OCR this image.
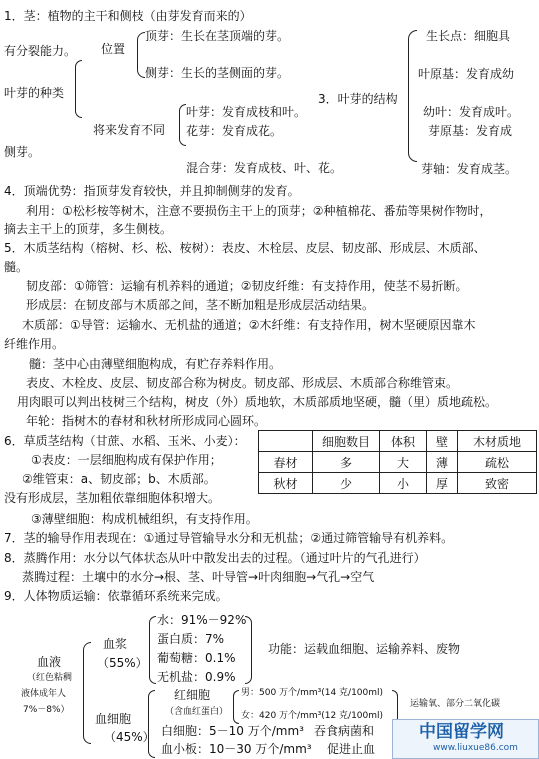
1．茎：植物的主干和侧枝（由芽发育而来的）
有分裂能力。 位置
顶芽：生长在茎顶端的芽。
侧芽：生长的茎侧面的芽。
叶芽的种类
将来发育不同
叶芽：发育成枝和叶。
花芽：发育成花。
混合芽：发育成枝、叶、花。
侧芽。
3．叶芽的结构
生长点：细胞具
叶原基：发育成幼
幼叶：发育成叶。
芽原基：发育成
芽轴：发育成茎。
4．顶端优势：指顶芽发育较快，并且抑制侧芽的发育。
利用：①松杉桉等树木，注意不要损伤主干上的顶芽；②种植棉花、番茄等果树作物时，
摘去主干上的顶芽，多生侧枝。
5．木质茎结构（榕树、杉、松、桉树）：表皮、木栓层、皮层、韧皮部、形成层、木质部、
髓。
韧皮部：①筛管：运输有机养料的通道；②韧皮纤维：有支持作用，使茎不易折断。
形成层：在韧皮部与木质部之间，茎不断加粗是形成层活动结果。
木质部：①导管：运输水、无机盐的通道；②木纤维：有支持作用，树木坚硬原因靠木
纤维作用。
髓：茎中心由薄壁细胞构成，有贮存养料作用。
表皮、木栓皮、皮层、韧皮部合称为树皮。韧皮部、形成层、木质部合称维管束。
用肉眼可以判出枝树三个结构，树皮（外）质地软，木质部质地坚硬，髓（里）质地疏松。
年轮：指树木的春材和秋材所形成同心圆环。
6．草质茎结构（甘蔗、水稻、玉米、小麦）：
①表皮：一层细胞构成有保护作用；
②维管束：a、韧皮部；b、木质部。
没有形成层，茎加粗依靠细胞体积增大。
③薄壁细胞：构成机械组织，有支持作用。
	细胞数目	体积	壁	木材质地
春材	多	大	薄	疏松
秋材	少	小	厚	致密
7．茎的输导作用表现在：①通过导管输导水分和无机盐；②通过筛管输导有机养料。
8．蒸腾作用：水分以气体状态从叶中散发出去的过程。（通过叶片的气孔进行）
蒸腾过程：土壤中的水分→根、茎、叶导管→叶肉细胞→气孔→空气
9．人体物质运输：依靠循环系统来完成。
血液
（红色粘稠
液体成年人
7%－8%）
血浆
（55%）
水：91%－92%
蛋白质：7%
葡萄糖：0.1%
无机盐：0.9%
功能：运载血细胞、运输养料、废物
血细胞
（45%）
红细胞
（含血红蛋白）
男：500 万个/mm³(14 克/100ml)
女：420 万个/mm³(12 克/100ml)
运输氧、部分二氧化碳
白细胞：5－10 万个/mm³ 吞食病菌和
血小板：10－30 万个/mm³ 促进止血
中国留学网
www.liuxue86.com
